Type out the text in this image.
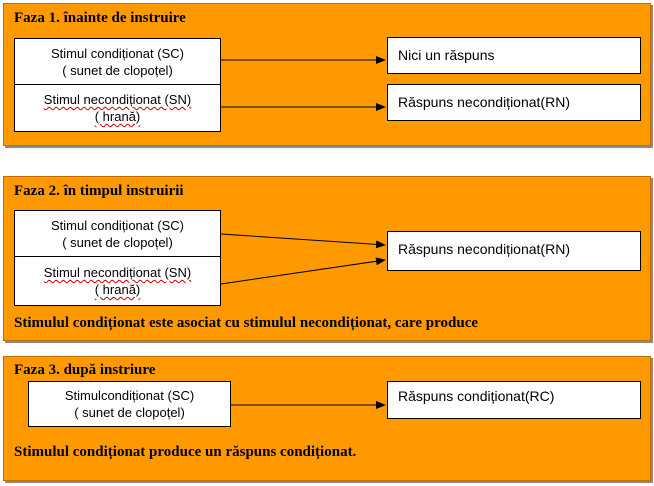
Faza 1. înainte de instruire
Stimul condiționat (SC)
( sunet de clopoțel)
Stimul necondiționat (SN)
( hrană)
Nici un răspuns
Răspuns necondiționat(RN)
Faza 2. în timpul instruirii
Stimul condiționat (SC)
( sunet de clopoțel)
Stimul necondiționat (SN)
( hrană)
Răspuns necondiționat(RN)
Stimulul condiționat este asociat cu stimulul necondiționat, care produce
Faza 3. după instriure
Stimulcondiționat (SC)
( sunet de clopoțel)
Răspuns condiționat(RC)
Stimulul condiționat produce un răspuns condiționat.
